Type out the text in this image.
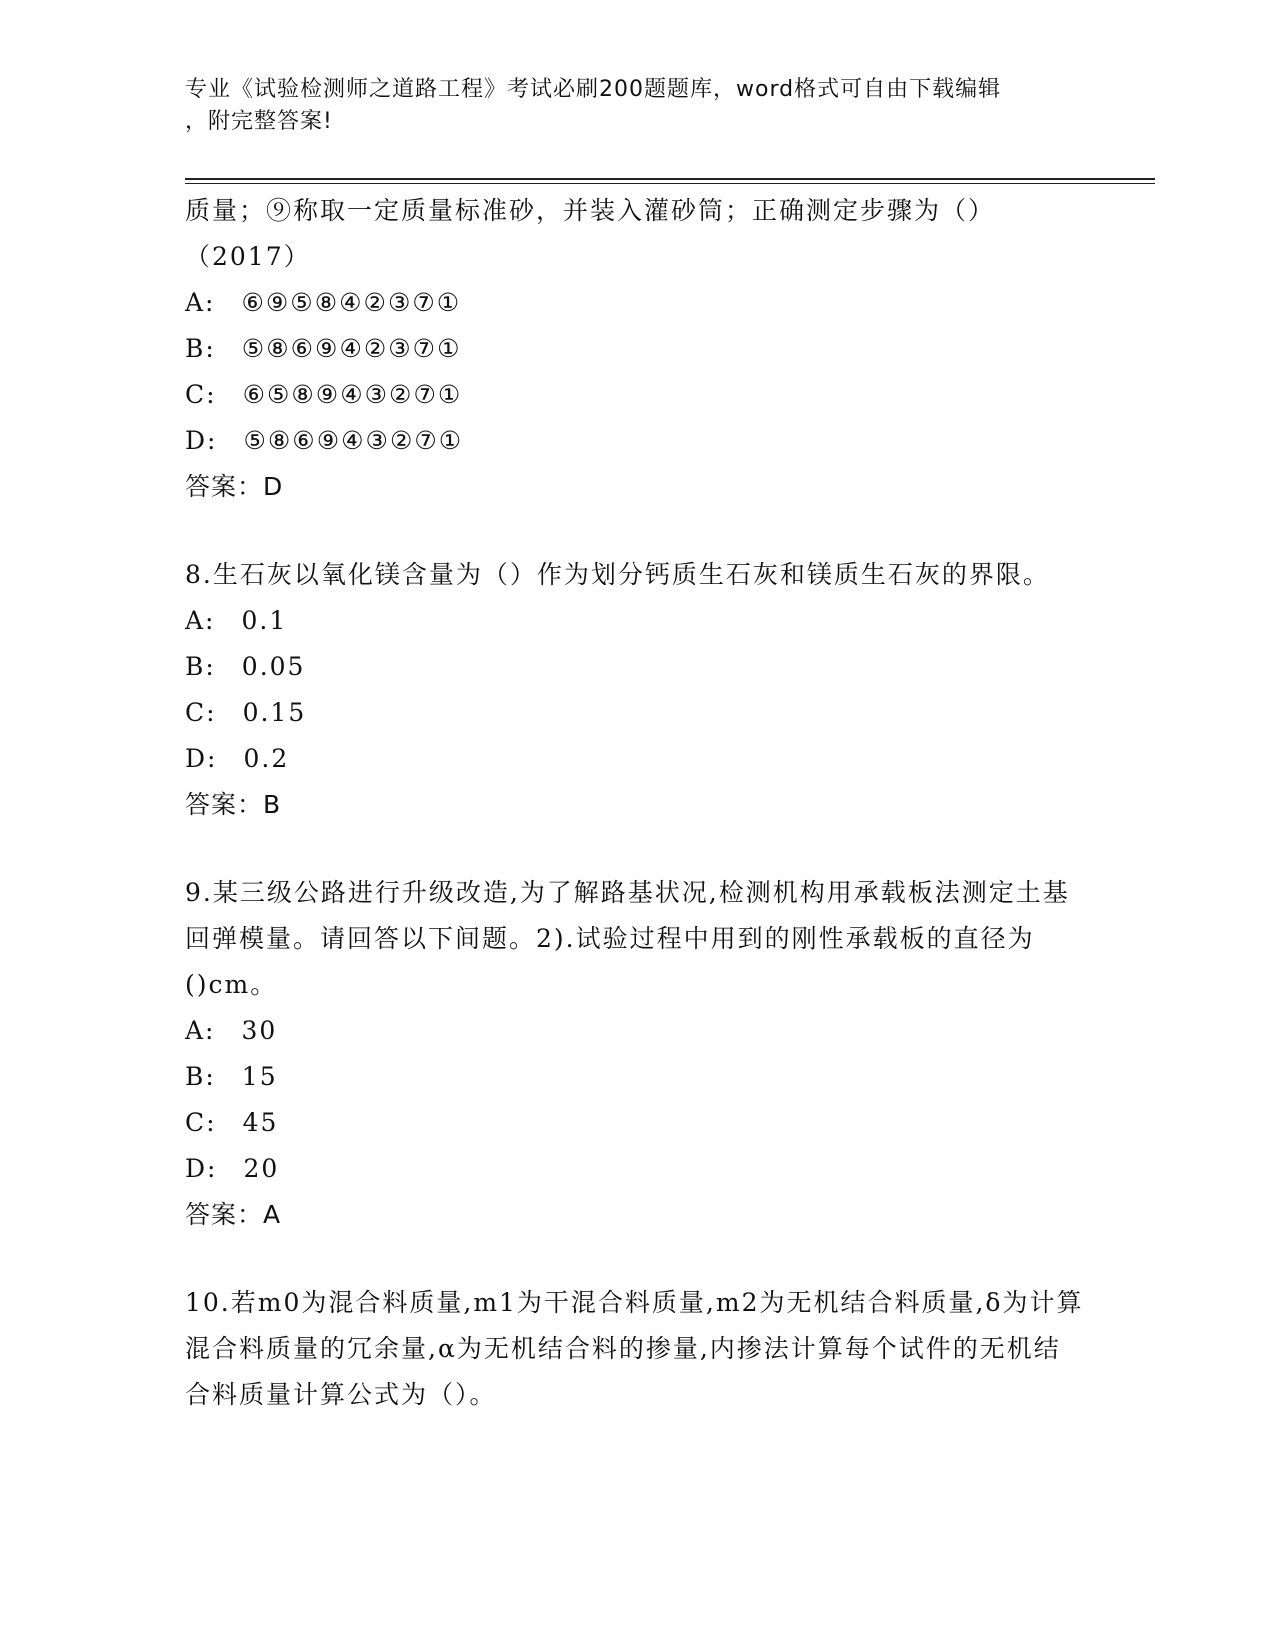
专业《试验检测师之道路工程》考试必刷200题题库，word格式可自由下载编辑
，附完整答案!

质量；⑨称取一定质量标准砂，并装入灌砂筒；正确测定步骤为（）（2017）

A: ⑥⑨⑤⑧④②③⑦①
B: ⑤⑧⑥⑨④②③⑦①
C: ⑥⑤⑧⑨④③②⑦①
D: ⑤⑧⑥⑨④③②⑦①
答案：D

8.生石灰以氧化镁含量为（）作为划分钙质生石灰和镁质生石灰的界限。

A: 0.1
B: 0.05
C: 0.15
D: 0.2
答案：B

9.某三级公路进行升级改造,为了解路基状况,检测机构用承载板法测定土基回弹模量。请回答以下间题。2).试验过程中用到的刚性承载板的直径为()cm。

A: 30
B: 15
C: 45
D: 20
答案：A

10.若m0为混合料质量,m1为干混合料质量,m2为无机结合料质量,δ为计算混合料质量的冗余量,α为无机结合料的掺量,内掺法计算每个试件的无机结合料质量计算公式为（）。
